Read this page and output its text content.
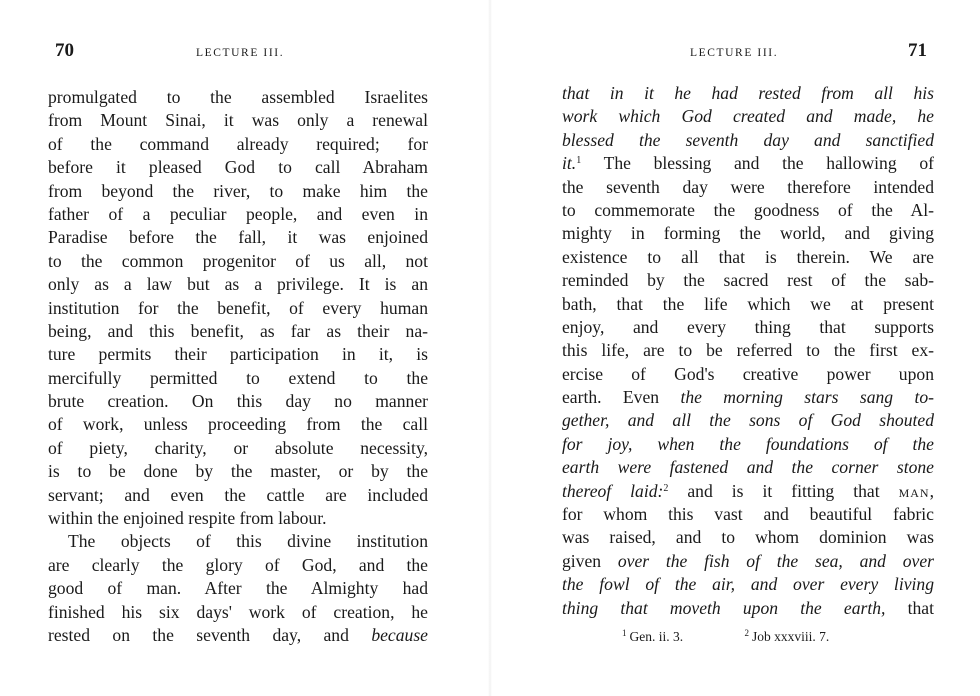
70	LECTURE III.
promulgated to the assembled Israelites
from Mount Sinai, it was only a renewal
of the command already required; for
before it pleased God to call Abraham
from beyond the river, to make him the
father of a peculiar people, and even in
Paradise before the fall, it was enjoined
to the common progenitor of us all, not
only as a law but as a privilege. It is an
institution for the benefit, of every human
being, and this benefit, as far as their na-
ture permits their participation in it, is
mercifully permitted to extend to the
brute creation. On this day no manner
of work, unless proceeding from the call
of piety, charity, or absolute necessity,
is to be done by the master, or by the
servant; and even the cattle are included
within the enjoined respite from labour.
The objects of this divine institution
are clearly the glory of God, and the
good of man. After the Almighty had
finished his six days' work of creation, he
rested on the seventh day, and because
LECTURE III.	71
that in it he had rested from all his
work which God created and made, he
blessed the seventh day and sanctified
it.$^1$ The blessing and the hallowing of
the seventh day were therefore intended
to commemorate the goodness of the Al-
mighty in forming the world, and giving
existence to all that is therein. We are
reminded by the sacred rest of the sab-
bath, that the life which we at present
enjoy, and every thing that supports
this life, are to be referred to the first ex-
ercise of God's creative power upon
earth. Even the morning stars sang to-
gether, and all the sons of God shouted
for joy, when the foundations of the
earth were fastened and the corner stone
thereof laid:$^2$ and is it fitting that MAN,
for whom this vast and beautiful fabric
was raised, and to whom dominion was
given over the fish of the sea, and over
the fowl of the air, and over every living
thing that moveth upon the earth, that
$^1$ Gen. ii. 3.	$^2$ Job xxxviii. 7.
